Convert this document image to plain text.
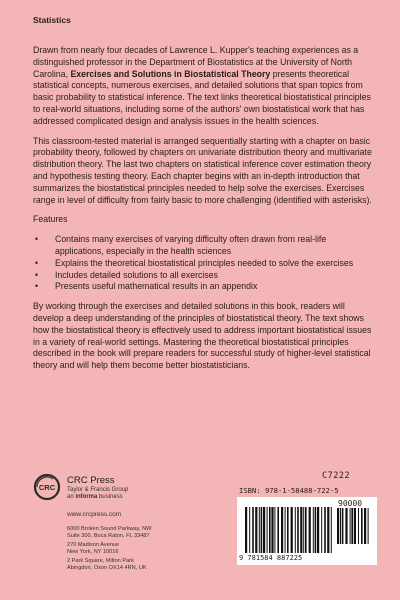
Statistics

Drawn from nearly four decades of Lawrence L. Kupper's teaching experiences as a distinguished professor in the Department of Biostatistics at the University of North Carolina, Exercises and Solutions in Biostatistical Theory presents theoretical statistical concepts, numerous exercises, and detailed solutions that span topics from basic probability to statistical inference. The text links theoretical biostatistical principles to real-world situations, including some of the authors' own biostatistical work that has addressed complicated design and analysis issues in the health sciences.

This classroom-tested material is arranged sequentially starting with a chapter on basic probability theory, followed by chapters on univariate distribution theory and multivariate distribution theory. The last two chapters on statistical inference cover estimation theory and hypothesis testing theory. Each chapter begins with an in-depth introduction that summarizes the biostatistical principles needed to help solve the exercises. Exercises range in level of difficulty from fairly basic to more challenging (identified with asterisks).

Features

• Contains many exercises of varying difficulty often drawn from real-life applications, especially in the health sciences
• Explains the theoretical biostatistical principles needed to solve the exercises
• Includes detailed solutions to all exercises
• Presents useful mathematical results in an appendix

By working through the exercises and detailed solutions in this book, readers will develop a deep understanding of the principles of biostatistical theory. The text shows how the biostatistical theory is effectively used to address important biostatistical issues in a variety of real-world settings. Mastering the theoretical biostatistical principles described in the book will prepare readers for successful study of higher-level statistical theory and will help them become better biostatisticians.

CRC
CRC Press
Taylor & Francis Group
an informa business
www.crcpress.com
6000 Broken Sound Parkway, NW
Suite 300, Boca Raton, FL 33487
270 Madison Avenue
New York, NY 10016
2 Park Square, Milton Park
Abingdon, Oxon OX14 4RN, UK
C7222
ISBN: 978-1-58488-722-5
90000
9 781584 887225
